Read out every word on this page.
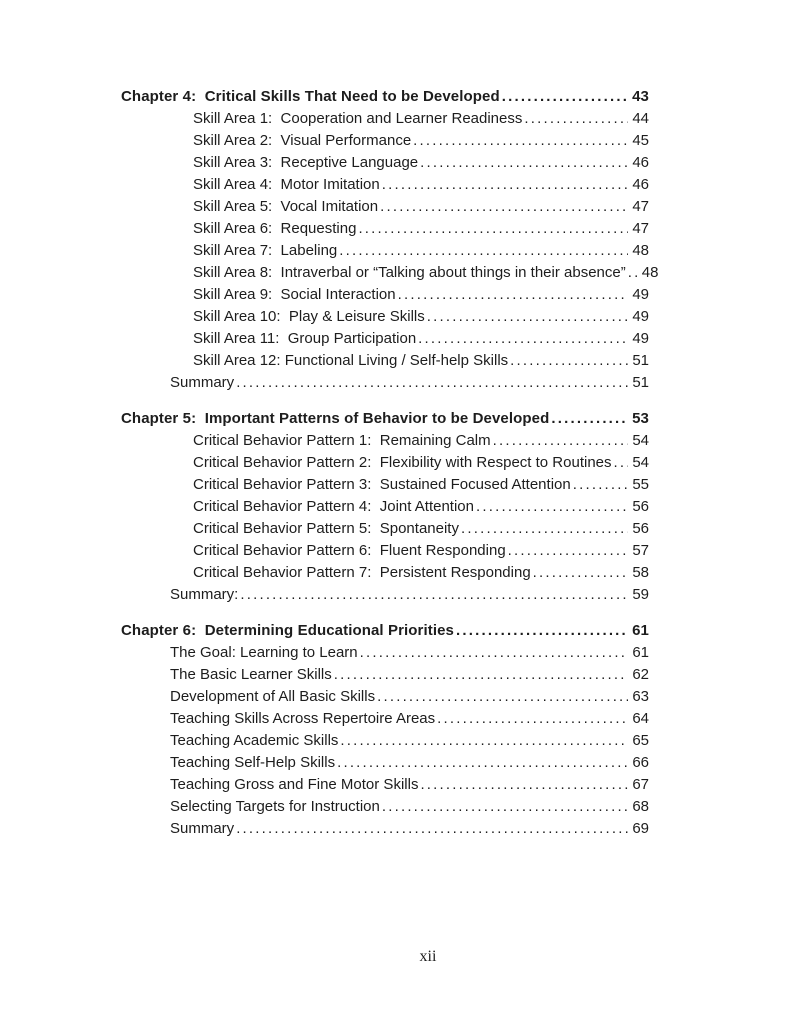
Chapter 4:  Critical Skills That Need to be Developed .....	43
Skill Area 1:  Cooperation and Learner Readiness .....	44
Skill Area 2:  Visual Performance .....	45
Skill Area 3:  Receptive Language .....	46
Skill Area 4:  Motor Imitation .....	46
Skill Area 5:  Vocal Imitation .....	47
Skill Area 6:  Requesting .....	47
Skill Area 7:  Labeling .....	48
Skill Area 8:  Intraverbal or “Talking about things in their absence” ..... 48
Skill Area 9:  Social Interaction .....	49
Skill Area 10:  Play & Leisure Skills .....	49
Skill Area 11:  Group Participation .....	49
Skill Area 12: Functional Living / Self-help Skills .....	51
Summary .....	51
Chapter 5:  Important Patterns of Behavior to be Developed .....	53
Critical Behavior Pattern 1:  Remaining Calm .....	54
Critical Behavior Pattern 2:  Flexibility with Respect to Routines ..... 54
Critical Behavior Pattern 3:  Sustained Focused Attention .....	55
Critical Behavior Pattern 4:  Joint Attention .....	56
Critical Behavior Pattern 5:  Spontaneity .....	56
Critical Behavior Pattern 6:  Fluent Responding .....	57
Critical Behavior Pattern 7:  Persistent Responding .....	58
Summary: .....	59
Chapter 6:  Determining Educational Priorities .....	61
The Goal: Learning to Learn .....	61
The Basic Learner Skills .....	62
Development of All Basic Skills .....	63
Teaching Skills Across Repertoire Areas .....	64
Teaching Academic Skills .....	65
Teaching Self-Help Skills .....	66
Teaching Gross and Fine Motor Skills .....	67
Selecting Targets for Instruction .....	68
Summary .....	69
xii
